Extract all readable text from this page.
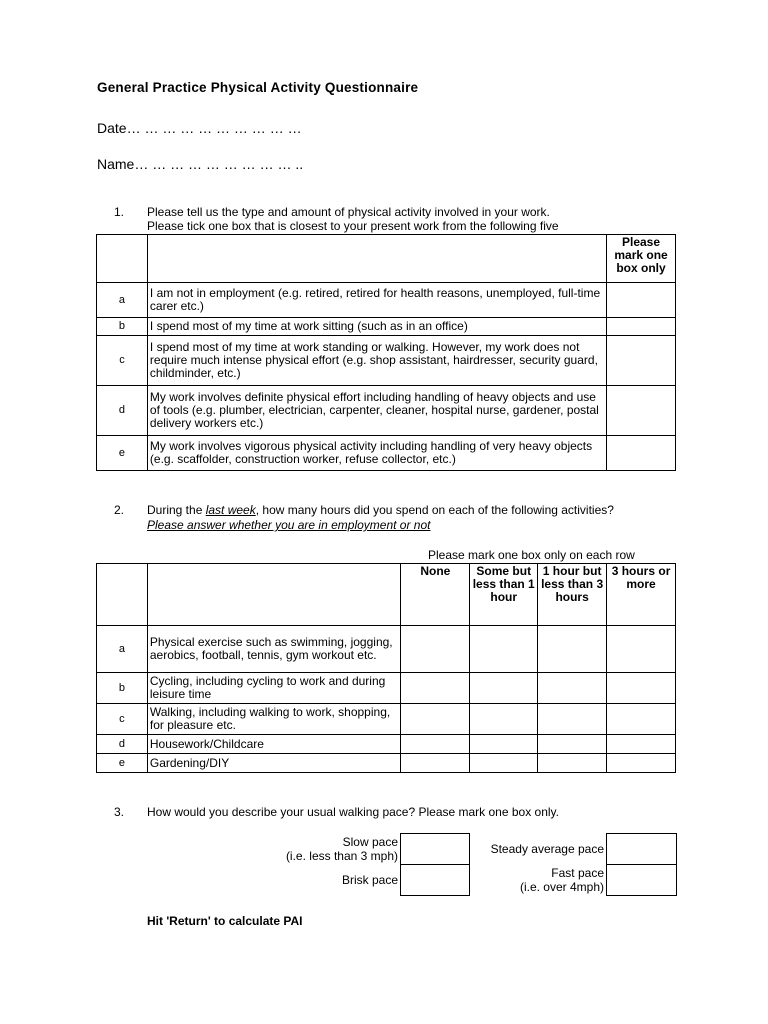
General Practice Physical Activity Questionnaire
Date… … … … … … … … … …
Name… … … … … … … … … ..
1. Please tell us the type and amount of physical activity involved in your work.
Please tick one box that is closest to your present work from the following five
		Please mark one box only
a	I am not in employment (e.g. retired, retired for health reasons, unemployed, full-time carer etc.)	
b	I spend most of my time at work sitting (such as in an office)	
c	I spend most of my time at work standing or walking. However, my work does not require much intense physical effort (e.g. shop assistant, hairdresser, security guard, childminder, etc.)	
d	My work involves definite physical effort including handling of heavy objects and use of tools (e.g. plumber, electrician, carpenter, cleaner, hospital nurse, gardener, postal delivery workers etc.)	
e	My work involves vigorous physical activity including handling of very heavy objects (e.g. scaffolder, construction worker, refuse collector, etc.)	
2. During the last week, how many hours did you spend on each of the following activities?
Please answer whether you are in employment or not
Please mark one box only on each row
		None	Some but less than 1 hour	1 hour but less than 3 hours	3 hours or more
a	Physical exercise such as swimming, jogging, aerobics, football, tennis, gym workout etc.				
b	Cycling, including cycling to work and during leisure time				
c	Walking, including walking to work, shopping, for pleasure etc.				
d	Housework/Childcare				
e	Gardening/DIY				
3. How would you describe your usual walking pace? Please mark one box only.
Slow pace
(i.e. less than 3 mph)
Brisk pace
Steady average pace
Fast pace
(i.e. over 4mph)
Hit 'Return' to calculate PAI
